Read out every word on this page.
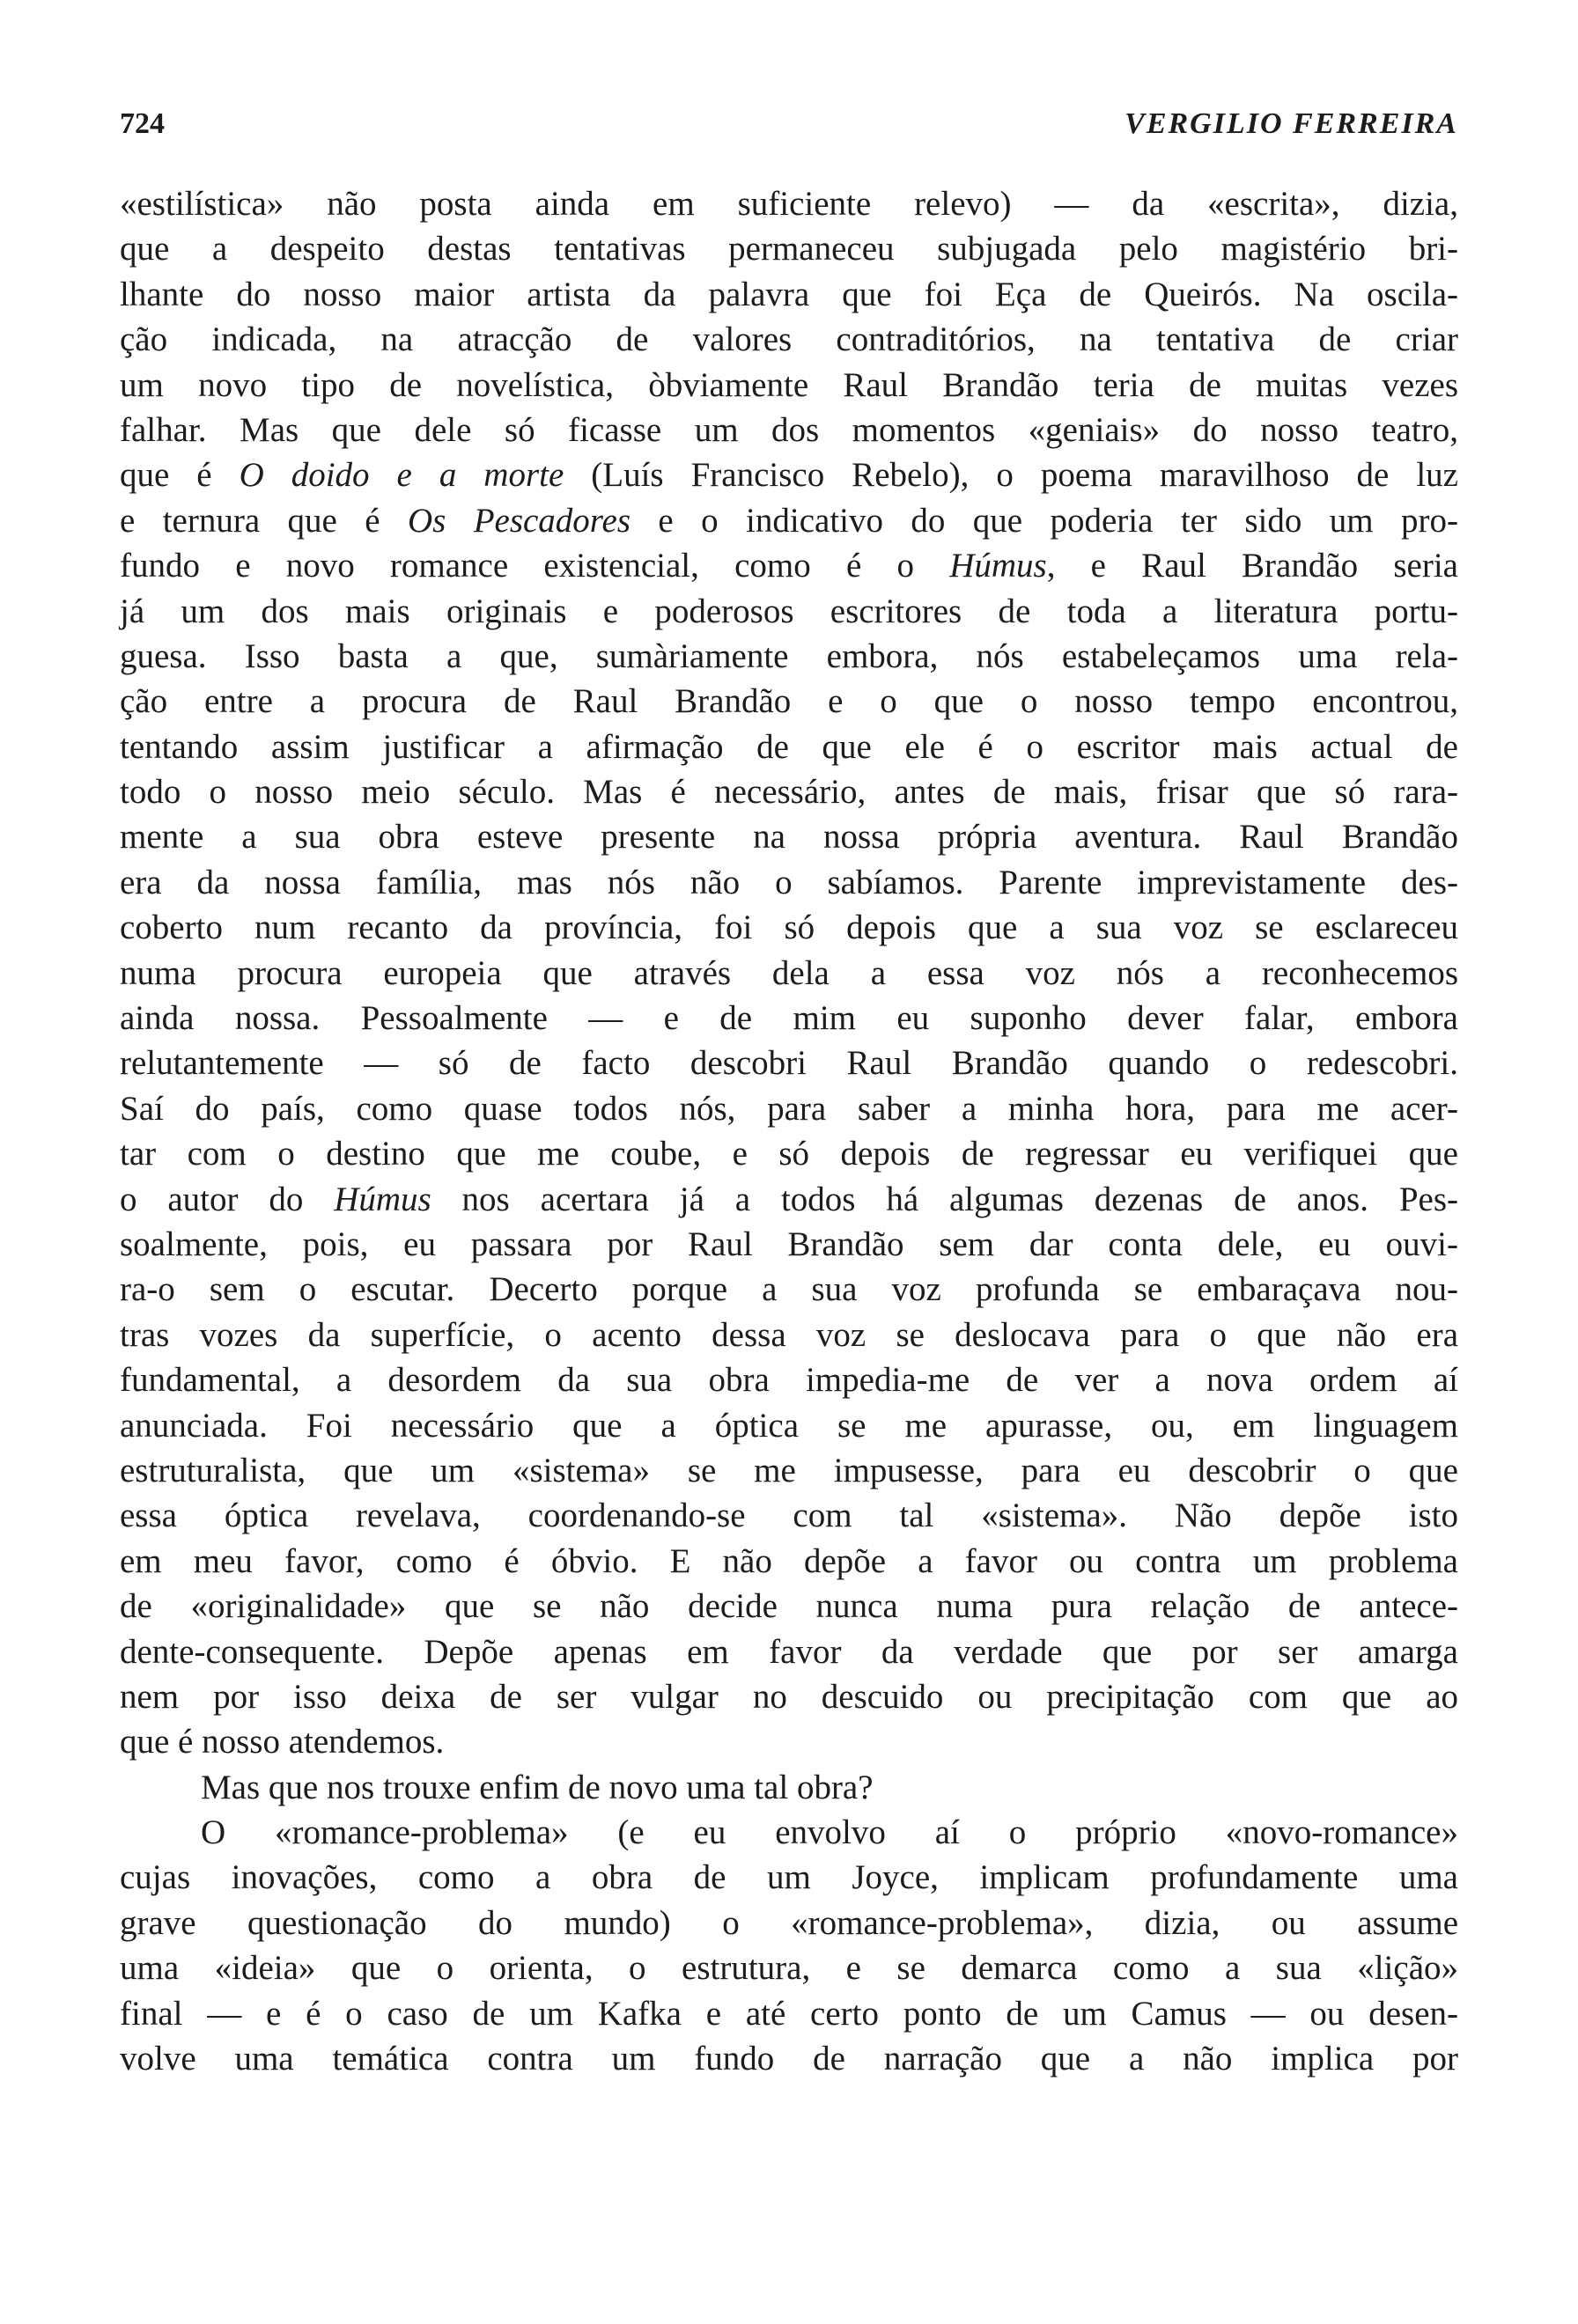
724	VERGILIO FERREIRA
«estilística» não posta ainda em suficiente relevo) — da «escrita», dizia,
que a despeito destas tentativas permaneceu subjugada pelo magistério bri-
lhante do nosso maior artista da palavra que foi Eça de Queirós. Na oscila-
ção indicada, na atracção de valores contraditórios, na tentativa de criar
um novo tipo de novelística, òbviamente Raul Brandão teria de muitas vezes
falhar. Mas que dele só ficasse um dos momentos «geniais» do nosso teatro,
que é O doido e a morte (Luís Francisco Rebelo), o poema maravilhoso de luz
e ternura que é Os Pescadores e o indicativo do que poderia ter sido um pro-
fundo e novo romance existencial, como é o Húmus, e Raul Brandão seria
já um dos mais originais e poderosos escritores de toda a literatura portu-
guesa. Isso basta a que, sumàriamente embora, nós estabeleçamos uma rela-
ção entre a procura de Raul Brandão e o que o nosso tempo encontrou,
tentando assim justificar a afirmação de que ele é o escritor mais actual de
todo o nosso meio século. Mas é necessário, antes de mais, frisar que só rara-
mente a sua obra esteve presente na nossa própria aventura. Raul Brandão
era da nossa família, mas nós não o sabíamos. Parente imprevistamente des-
coberto num recanto da província, foi só depois que a sua voz se esclareceu
numa procura europeia que através dela a essa voz nós a reconhecemos
ainda nossa. Pessoalmente — e de mim eu suponho dever falar, embora
relutantemente — só de facto descobri Raul Brandão quando o redescobri.
Saí do país, como quase todos nós, para saber a minha hora, para me acer-
tar com o destino que me coube, e só depois de regressar eu verifiquei que
o autor do Húmus nos acertara já a todos há algumas dezenas de anos. Pes-
soalmente, pois, eu passara por Raul Brandão sem dar conta dele, eu ouvi-
ra-o sem o escutar. Decerto porque a sua voz profunda se embaraçava nou-
tras vozes da superfície, o acento dessa voz se deslocava para o que não era
fundamental, a desordem da sua obra impedia-me de ver a nova ordem aí
anunciada. Foi necessário que a óptica se me apurasse, ou, em linguagem
estruturalista, que um «sistema» se me impusesse, para eu descobrir o que
essa óptica revelava, coordenando-se com tal «sistema». Não depõe isto
em meu favor, como é óbvio. E não depõe a favor ou contra um problema
de «originalidade» que se não decide nunca numa pura relação de antece-
dente-consequente. Depõe apenas em favor da verdade que por ser amarga
nem por isso deixa de ser vulgar no descuido ou precipitação com que ao
que é nosso atendemos.
Mas que nos trouxe enfim de novo uma tal obra?
O «romance-problema» (e eu envolvo aí o próprio «novo-romance»
cujas inovações, como a obra de um Joyce, implicam profundamente uma
grave questionação do mundo) o «romance-problema», dizia, ou assume
uma «ideia» que o orienta, o estrutura, e se demarca como a sua «lição»
final — e é o caso de um Kafka e até certo ponto de um Camus — ou desen-
volve uma temática contra um fundo de narração que a não implica por
